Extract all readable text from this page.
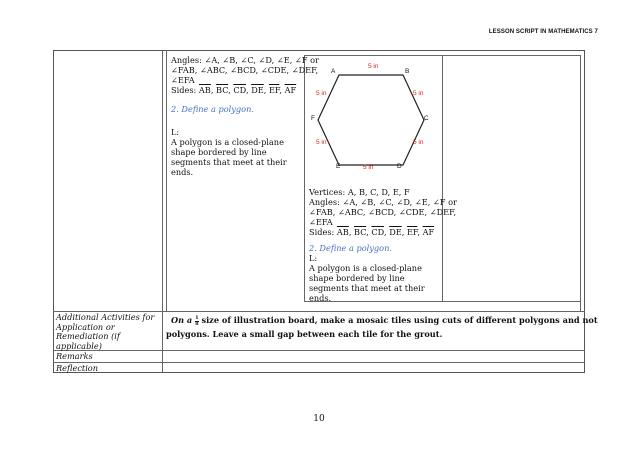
LESSON SCRIPT IN MATHEMATICS 7
Angles: ∠A, ∠B, ∠C, ∠D, ∠E, ∠F or
∠FAB, ∠ABC, ∠BCD, ∠CDE, ∠DEF,
∠EFA
Sides: $\overline{AB}$, $\overline{BC}$, $\overline{CD}$, $\overline{DE}$, $\overline{EF}$, $\overline{AF}$
2. Define a polygon.
L:
A polygon is a closed-plane
shape bordered by line
segments that meet at their
ends.
A	B
C
D
E
F
5 in
5 in
5 in
5 in
5 in
5 in
Vertices: A, B, C, D, E, F
Angles: ∠A, ∠B, ∠C, ∠D, ∠E, ∠F or
∠FAB, ∠ABC, ∠BCD, ∠CDE, ∠DEF,
∠EFA
Sides: $\overline{AB}$, $\overline{BC}$, $\overline{CD}$, $\overline{DE}$, $\overline{EF}$, $\overline{AF}$
2. Define a polygon.
L:
A polygon is a closed-plane
shape bordered by line
segments that meet at their
ends.
Additional Activities for
Application or
Remediation (if
applicable)
On a $\frac{1}{8}$ size of illustration board, make a mosaic tiles using cuts of different polygons and not
polygons. Leave a small gap between each tile for the grout.
Remarks
Reflection
10
